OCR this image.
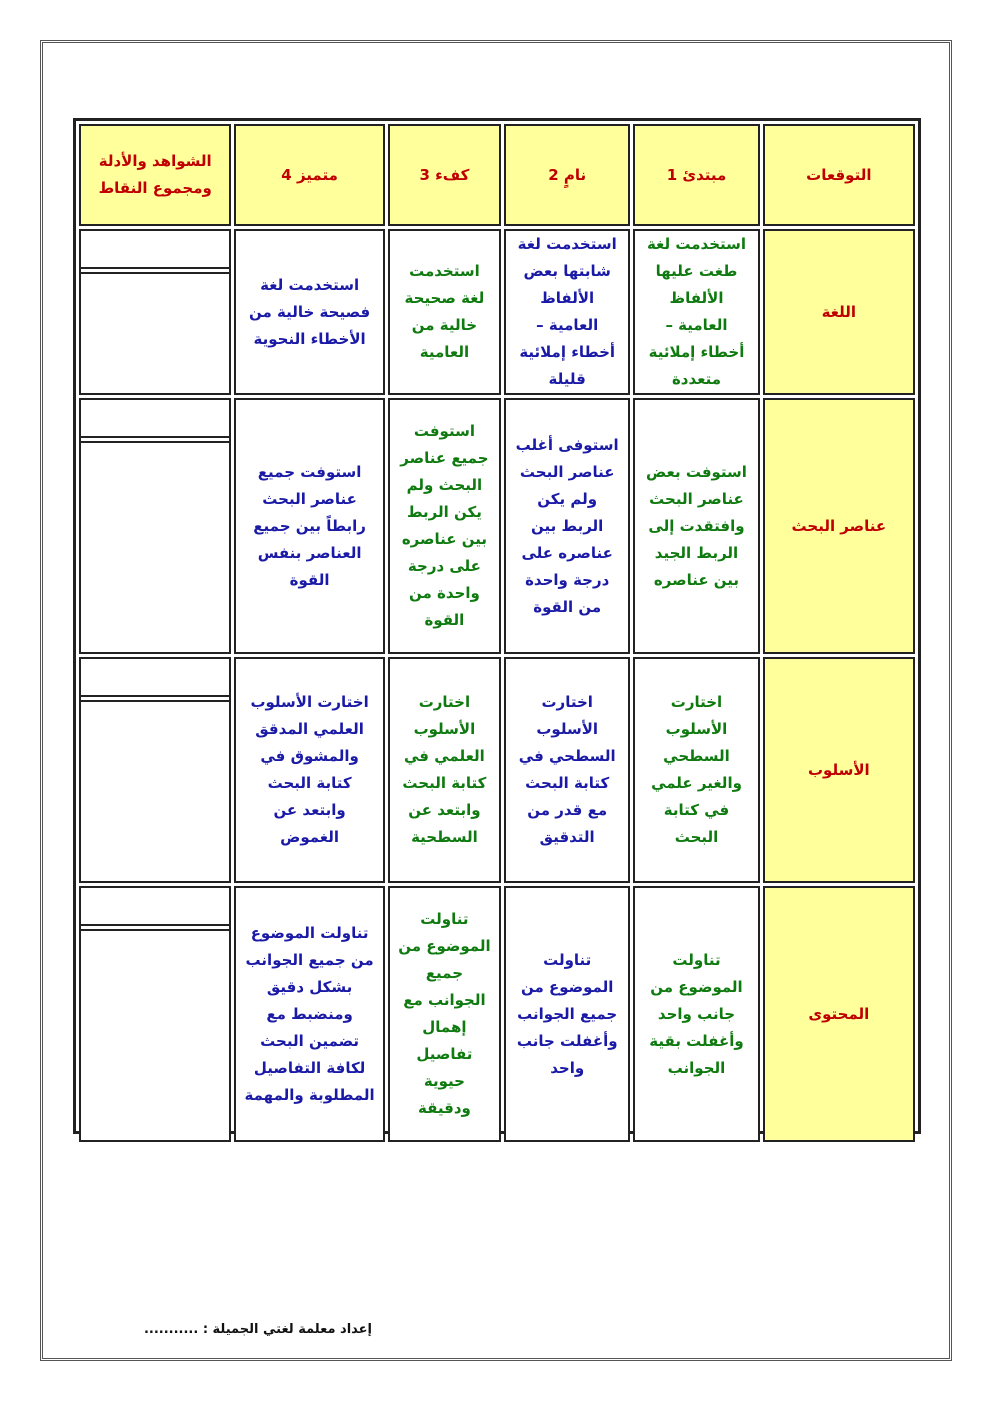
التوقعات	مبتدئ 1	نامٍ 2	كفء 3	متميز 4	الشواهد والأدلة ومجموع النقاط

اللغة	استخدمت لغة طغت عليها الألفاظ العامية – أخطاء إملائية متعددة	استخدمت لغة شابتها بعض الألفاظ العامية – أخطاء إملائية قليلة	استخدمت لغة صحيحة خالية من العامية	استخدمت لغة فصيحة خالية من الأخطاء النحوية	

عناصر البحث	استوفت بعض عناصر البحث وافتقدت إلى الربط الجيد بين عناصره	استوفى أغلب عناصر البحث ولم يكن الربط بين عناصره على درجة واحدة من القوة	استوفت جميع عناصر البحث ولم يكن الربط بين عناصره على درجة واحدة من القوة	استوفت جميع عناصر البحث رابطاً بين جميع العناصر بنفس القوة	

الأسلوب	اختارت الأسلوب السطحي والغير علمي في كتابة البحث	اختارت الأسلوب السطحي في كتابة البحث مع قدر من التدقيق	اختارت الأسلوب العلمي في كتابة البحث وابتعد عن السطحية	اختارت الأسلوب العلمي المدقق والمشوق في كتابة البحث وابتعد عن الغموض	

المحتوى	تناولت الموضوع من جانب واحد وأغفلت بقية الجوانب	تناولت الموضوع من جميع الجوانب وأغفلت جانب واحد	تناولت الموضوع من جميع الجوانب مع إهمال تفاصيل حيوية ودقيقة	تناولت الموضوع من جميع الجوانب بشكل دقيق ومنضبط مع تضمين البحث لكافة التفاصيل المطلوبة والمهمة	

إعداد معلمة لغتي الجميلة : ...........
